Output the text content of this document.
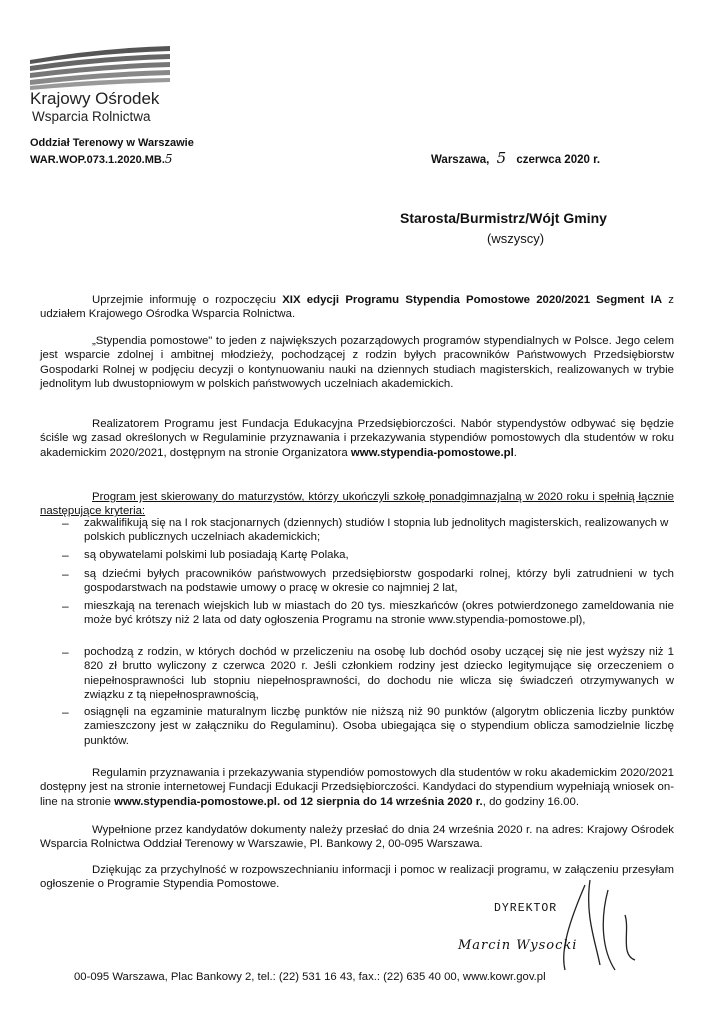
Krajowy Ośrodek
Wsparcia Rolnictwa
Oddział Terenowy w Warszawie
WAR.WOP.073.1.2020.MB.5	Warszawa, 5 czerwca 2020 r.
Starosta/Burmistrz/Wójt Gminy
(wszyscy)
Uprzejmie informuję o rozpoczęciu XIX edycji Programu Stypendia Pomostowe 2020/2021 Segment IA z udziałem Krajowego Ośrodka Wsparcia Rolnictwa.
„Stypendia pomostowe" to jeden z największych pozarządowych programów stypendialnych w Polsce. Jego celem jest wsparcie zdolnej i ambitnej młodzieży, pochodzącej z rodzin byłych pracowników Państwowych Przedsiębiorstw Gospodarki Rolnej w podjęciu decyzji o kontynuowaniu nauki na dziennych studiach magisterskich, realizowanych w trybie jednolitym lub dwustopniowym w polskich państwowych uczelniach akademickich.
Realizatorem Programu jest Fundacja Edukacyjna Przedsiębiorczości. Nabór stypendystów odbywać się będzie ściśle wg zasad określonych w Regulaminie przyznawania i przekazywania stypendiów pomostowych dla studentów w roku akademickim 2020/2021, dostępnym na stronie Organizatora www.stypendia-pomostowe.pl.
Program jest skierowany do maturzystów, którzy ukończyli szkołę ponadgimnazjalną w 2020 roku i spełnią łącznie następujące kryteria:
– zakwalifikują się na I rok stacjonarnych (dziennych) studiów I stopnia lub jednolitych magisterskich, realizowanych w polskich publicznych uczelniach akademickich;
– są obywatelami polskimi lub posiadają Kartę Polaka,
– są dziećmi byłych pracowników państwowych przedsiębiorstw gospodarki rolnej, którzy byli zatrudnieni w tych gospodarstwach na podstawie umowy o pracę w okresie co najmniej 2 lat,
– mieszkają na terenach wiejskich lub w miastach do 20 tys. mieszkańców (okres potwierdzonego zameldowania nie może być krótszy niż 2 lata od daty ogłoszenia Programu na stronie www.stypendia-pomostowe.pl),
– pochodzą z rodzin, w których dochód w przeliczeniu na osobę lub dochód osoby uczącej się nie jest wyższy niż 1 820 zł brutto wyliczony z czerwca 2020 r. Jeśli członkiem rodziny jest dziecko legitymujące się orzeczeniem o niepełnosprawności lub stopniu niepełnosprawności, do dochodu nie wlicza się świadczeń otrzymywanych w związku z tą niepełnosprawnością,
– osiągnęli na egzaminie maturalnym liczbę punktów nie niższą niż 90 punktów (algorytm obliczenia liczby punktów zamieszczony jest w załączniku do Regulaminu). Osoba ubiegająca się o stypendium oblicza samodzielnie liczbę punktów.
Regulamin przyznawania i przekazywania stypendiów pomostowych dla studentów w roku akademickim 2020/2021 dostępny jest na stronie internetowej Fundacji Edukacji Przedsiębiorczości. Kandydaci do stypendium wypełniają wniosek on-line na stronie www.stypendia-pomostowe.pl. od 12 sierpnia do 14 września 2020 r., do godziny 16.00.
Wypełnione przez kandydatów dokumenty należy przesłać do dnia 24 września 2020 r. na adres: Krajowy Ośrodek Wsparcia Rolnictwa Oddział Terenowy w Warszawie, Pl. Bankowy 2, 00-095 Warszawa.
Dziękując za przychylność w rozpowszechnianiu informacji i pomoc w realizacji programu, w załączeniu przesyłam ogłoszenie o Programie Stypendia Pomostowe.
DYREKTOR
Marcin Wysocki
00-095 Warszawa, Plac Bankowy 2, tel.: (22) 531 16 43, fax.: (22) 635 40 00, www.kowr.gov.pl
